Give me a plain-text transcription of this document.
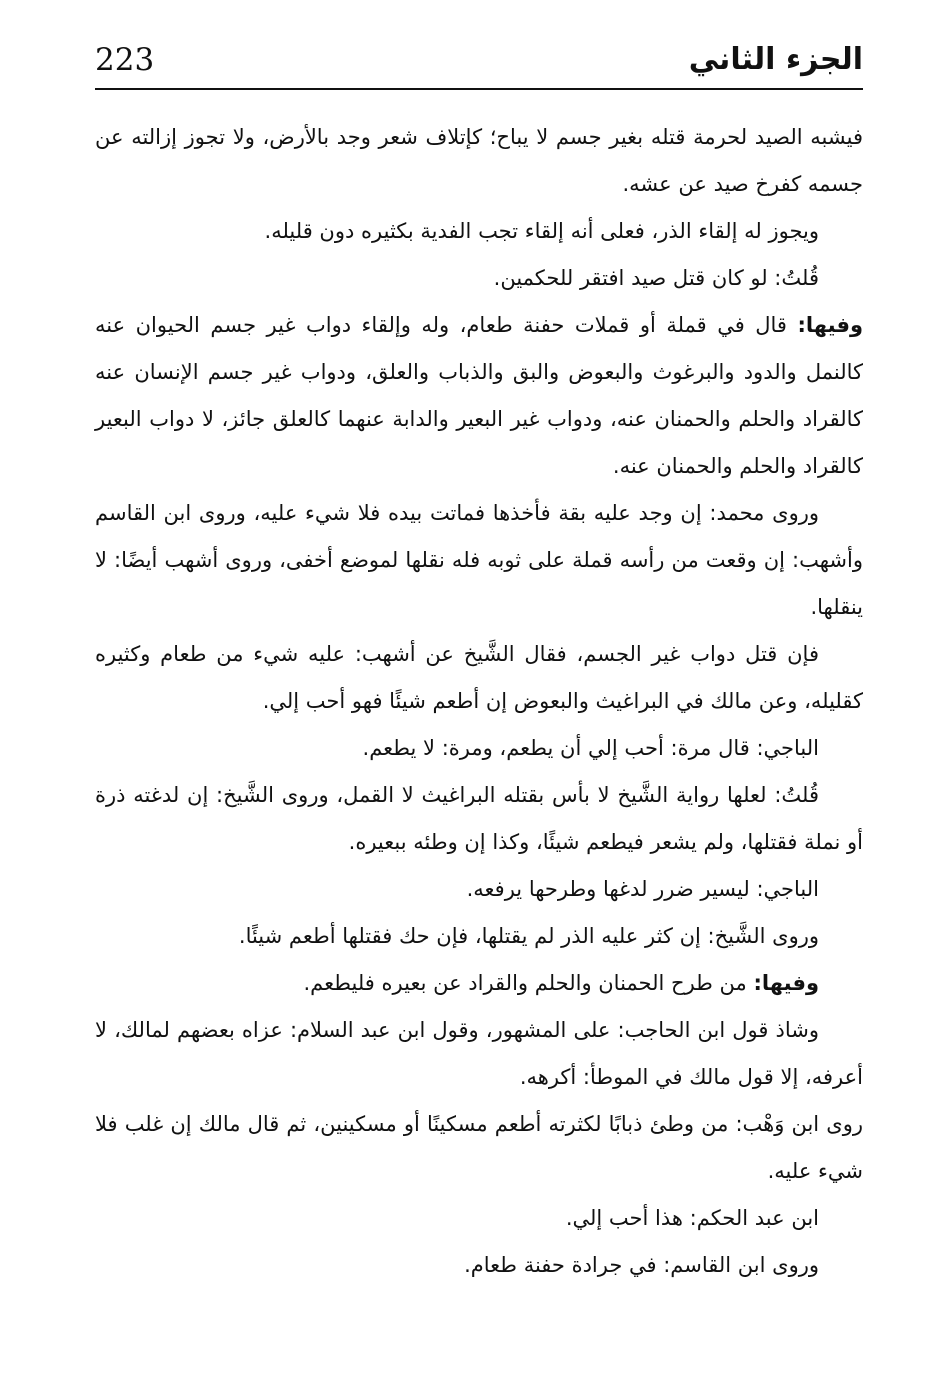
223	الجزء الثاني

فيشبه الصيد لحرمة قتله بغير جسم لا يباح؛ كإتلاف شعر وجد بالأرض، ولا تجوز إزالته عن جسمه كفرخ صيد عن عشه.

ويجوز له إلقاء الذر، فعلى أنه إلقاء تجب الفدية بكثيره دون قليله.

قُلتُ: لو كان قتل صيد افتقر للحكمين.

وفيها: قال في قملة أو قملات حفنة طعام، وله وإلقاء دواب غير جسم الحيوان عنه كالنمل والدود والبرغوث والبعوض والبق والذباب والعلق، ودواب غير جسم الإنسان عنه كالقراد والحلم والحمنان عنه، ودواب غير البعير والدابة عنهما كالعلق جائز، لا دواب البعير كالقراد والحلم والحمنان عنه.

وروى محمد: إن وجد عليه بقة فأخذها فماتت بيده فلا شيء عليه، وروى ابن القاسم وأشهب: إن وقعت من رأسه قملة على ثوبه فله نقلها لموضع أخفى، وروى أشهب أيضًا: لا ينقلها.

فإن قتل دواب غير الجسم، فقال الشَّيخ عن أشهب: عليه شيء من طعام وكثيره كقليله، وعن مالك في البراغيث والبعوض إن أطعم شيئًا فهو أحب إلي.

الباجي: قال مرة: أحب إلي أن يطعم، ومرة: لا يطعم.

قُلتُ: لعلها رواية الشَّيخ لا بأس بقتله البراغيث لا القمل، وروى الشَّيخ: إن لدغته ذرة أو نملة فقتلها، ولم يشعر فيطعم شيئًا، وكذا إن وطئه ببعيره.

الباجي: ليسير ضرر لدغها وطرحها يرفعه.

وروى الشَّيخ: إن كثر عليه الذر لم يقتلها، فإن حك فقتلها أطعم شيئًا.

وفيها: من طرح الحمنان والحلم والقراد عن بعيره فليطعم.

وشاذ قول ابن الحاجب: على المشهور، وقول ابن عبد السلام: عزاه بعضهم لمالك، لا أعرفه، إلا قول مالك في الموطأ: أكرهه.

روى ابن وَهْب: من وطئ ذبابًا لكثرته أطعم مسكينًا أو مسكينين، ثم قال مالك إن غلب فلا شيء عليه.

ابن عبد الحكم: هذا أحب إلي.

وروى ابن القاسم: في جرادة حفنة طعام.
